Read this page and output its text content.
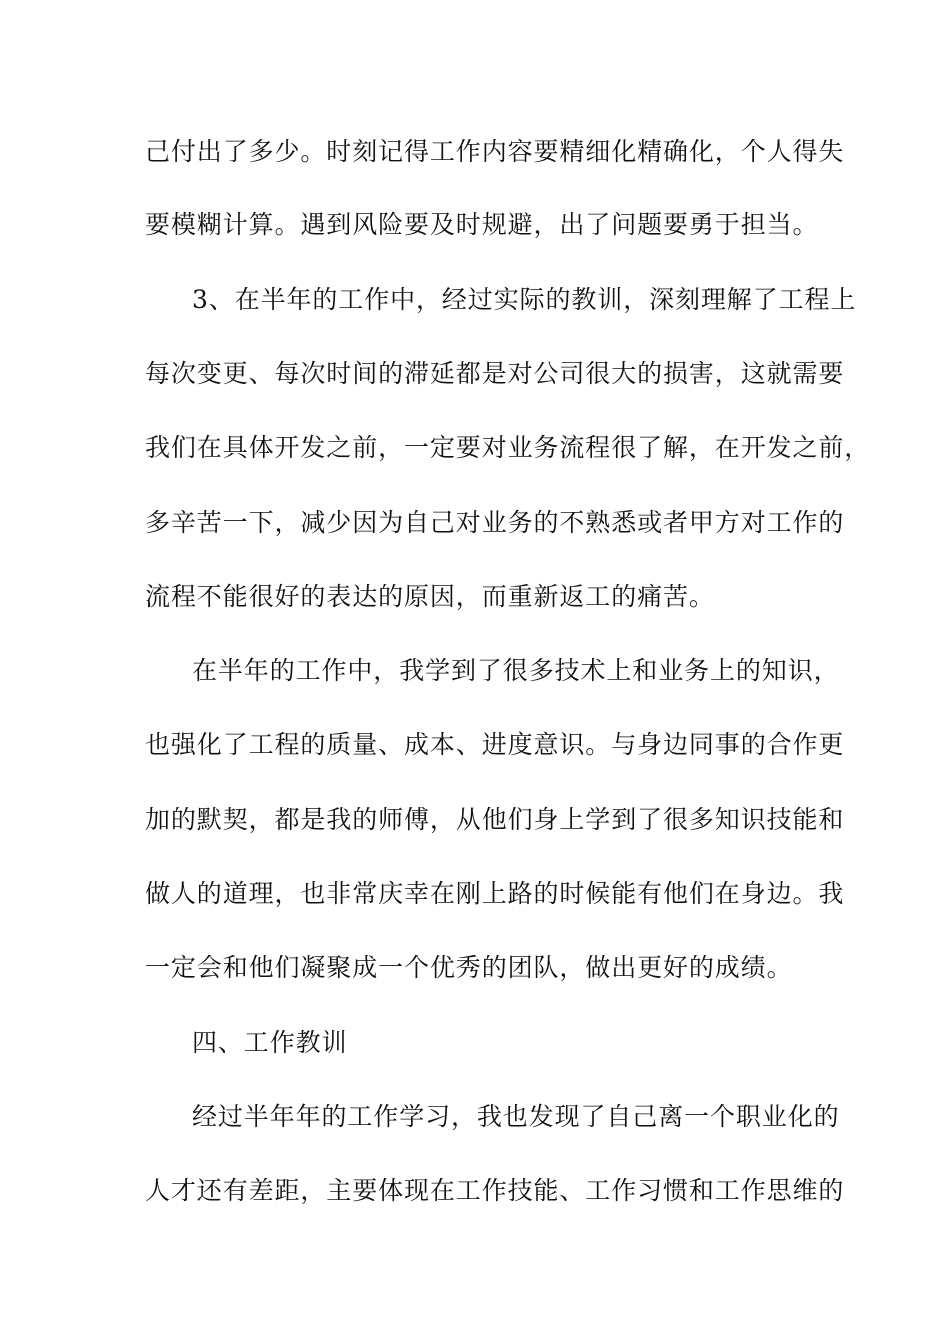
己付出了多少。时刻记得工作内容要精细化精确化，个人得失

要模糊计算。遇到风险要及时规避，出了问题要勇于担当。

3、在半年的工作中，经过实际的教训，深刻理解了工程上

每次变更、每次时间的滞延都是对公司很大的损害，这就需要

我们在具体开发之前，一定要对业务流程很了解，在开发之前，

多辛苦一下，减少因为自己对业务的不熟悉或者甲方对工作的

流程不能很好的表达的原因，而重新返工的痛苦。

在半年的工作中，我学到了很多技术上和业务上的知识，

也强化了工程的质量、成本、进度意识。与身边同事的合作更

加的默契，都是我的师傅，从他们身上学到了很多知识技能和

做人的道理，也非常庆幸在刚上路的时候能有他们在身边。我

一定会和他们凝聚成一个优秀的团队，做出更好的成绩。

四、工作教训

经过半年年的工作学习，我也发现了自己离一个职业化的

人才还有差距，主要体现在工作技能、工作习惯和工作思维的
